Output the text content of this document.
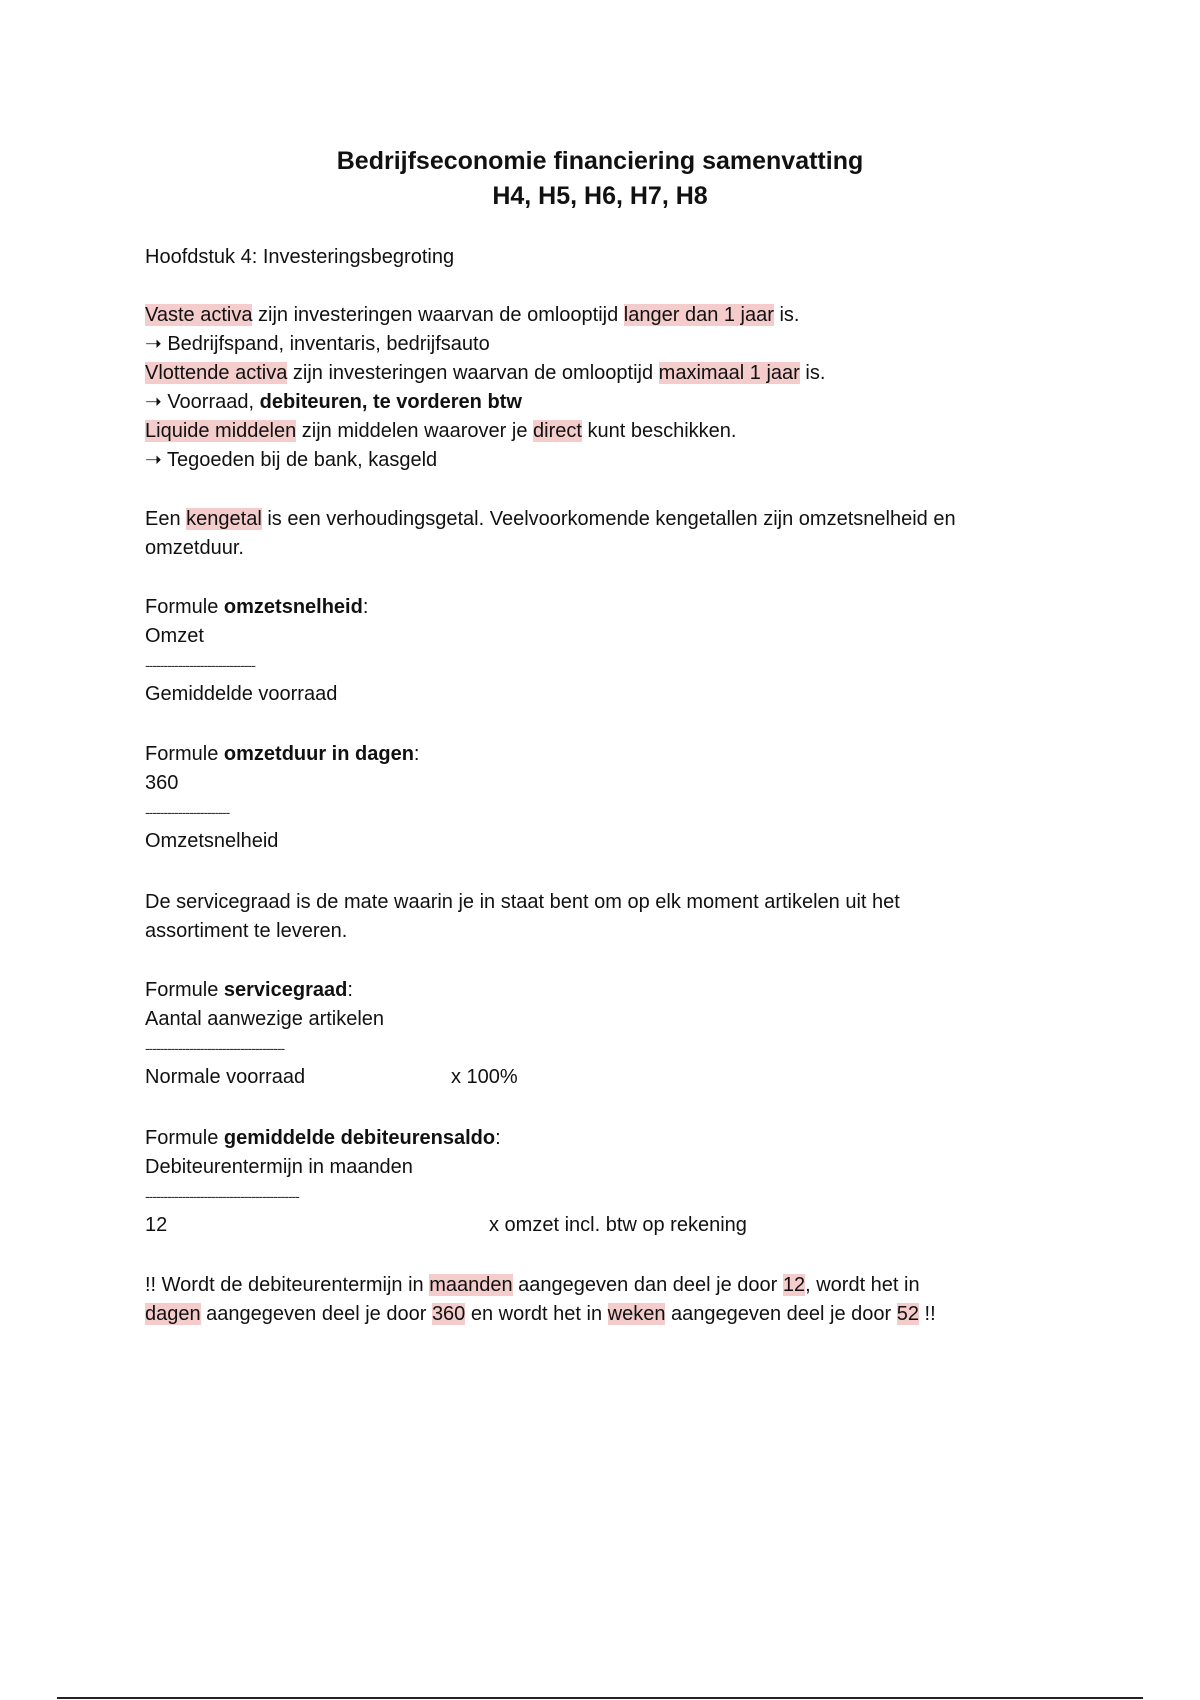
Bedrijfseconomie financiering samenvatting
H4, H5, H6, H7, H8
Hoofdstuk 4: Investeringsbegroting
Vaste activa zijn investeringen waarvan de omlooptijd langer dan 1 jaar is.
➝ Bedrijfspand, inventaris, bedrijfsauto
Vlottende activa zijn investeringen waarvan de omlooptijd maximaal 1 jaar is.
➝ Voorraad, debiteuren, te vorderen btw
Liquide middelen zijn middelen waarover je direct kunt beschikken.
➝ Tegoeden bij de bank, kasgeld
Een kengetal is een verhoudingsgetal. Veelvoorkomende kengetallen zijn omzetsnelheid en
omzetduur.
Formule omzetsnelheid:
Omzet
------------------------------
Gemiddelde voorraad
Formule omzetduur in dagen:
360
-----------------------
Omzetsnelheid
De servicegraad is de mate waarin je in staat bent om op elk moment artikelen uit het
assortiment te leveren.
Formule servicegraad:
Aantal aanwezige artikelen
--------------------------------------
Normale voorraad	x 100%
Formule gemiddelde debiteurensaldo:
Debiteurentermijn in maanden
------------------------------------------
12	x omzet incl. btw op rekening
!! Wordt de debiteurentermijn in maanden aangegeven dan deel je door 12, wordt het in
dagen aangegeven deel je door 360 en wordt het in weken aangegeven deel je door 52 !!
